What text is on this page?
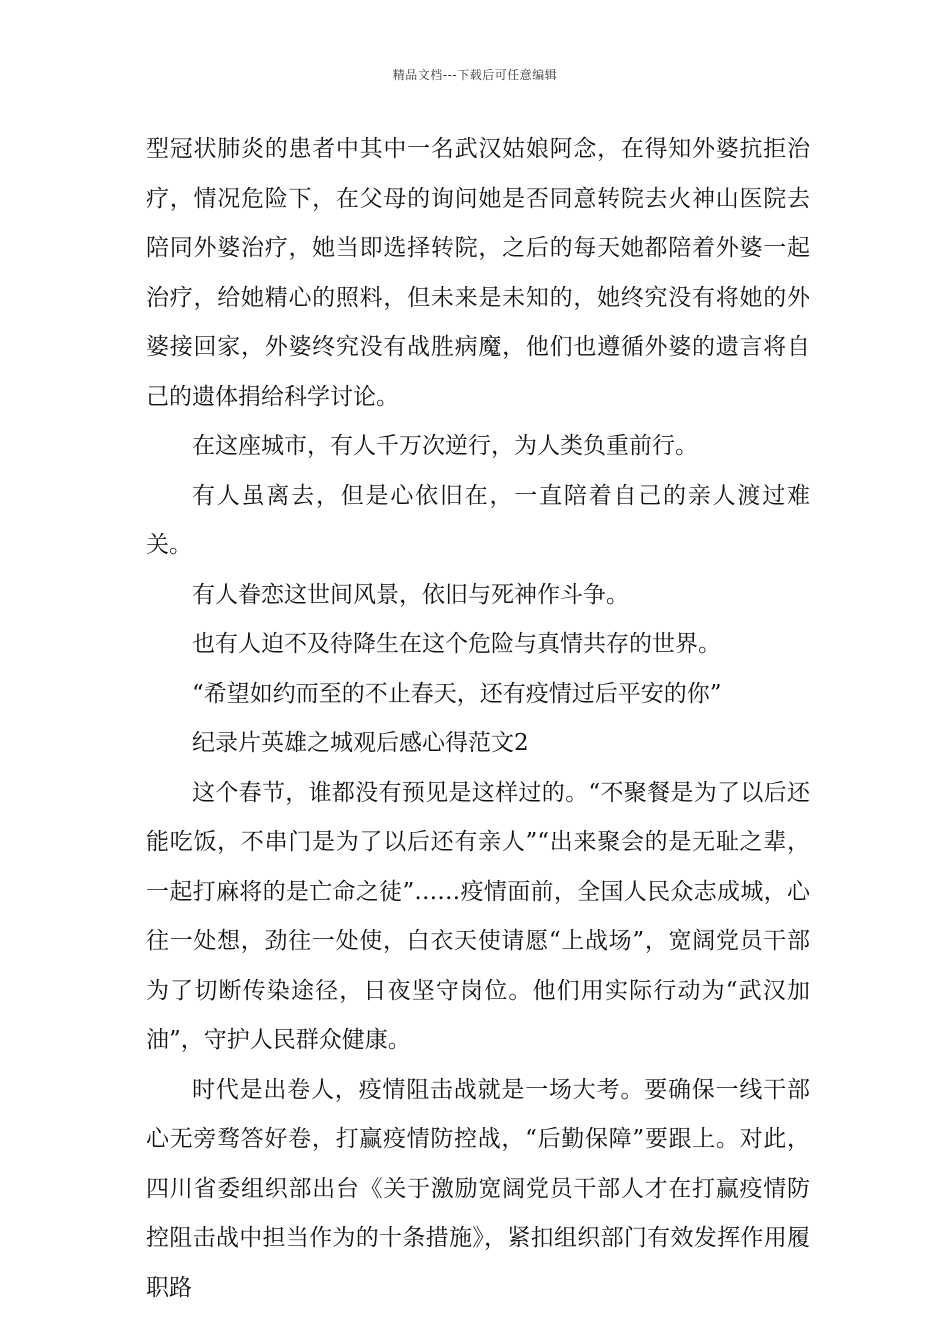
精品文档---下载后可任意编辑

型冠状肺炎的患者中其中一名武汉姑娘阿念，在得知外婆抗拒治疗，情况危险下，在父母的询问她是否同意转院去火神山医院去陪同外婆治疗，她当即选择转院，之后的每天她都陪着外婆一起治疗，给她精心的照料，但未来是未知的，她终究没有将她的外婆接回家，外婆终究没有战胜病魔，他们也遵循外婆的遗言将自己的遗体捐给科学讨论。

在这座城市，有人千万次逆行，为人类负重前行。

有人虽离去，但是心依旧在，一直陪着自己的亲人渡过难关。

有人眷恋这世间风景，依旧与死神作斗争。

也有人迫不及待降生在这个危险与真情共存的世界。

“希望如约而至的不止春天，还有疫情过后平安的你”

纪录片英雄之城观后感心得范文2

这个春节，谁都没有预见是这样过的。“不聚餐是为了以后还能吃饭，不串门是为了以后还有亲人”“出来聚会的是无耻之辈，一起打麻将的是亡命之徒”……疫情面前，全国人民众志成城，心往一处想，劲往一处使，白衣天使请愿“上战场”，宽阔党员干部为了切断传染途径，日夜坚守岗位。他们用实际行动为“武汉加油”，守护人民群众健康。

时代是出卷人，疫情阻击战就是一场大考。要确保一线干部心无旁骛答好卷，打赢疫情防控战，“后勤保障”要跟上。对此，四川省委组织部出台《关于激励宽阔党员干部人才在打赢疫情防控阻击战中担当作为的十条措施》，紧扣组织部门有效发挥作用履职路
